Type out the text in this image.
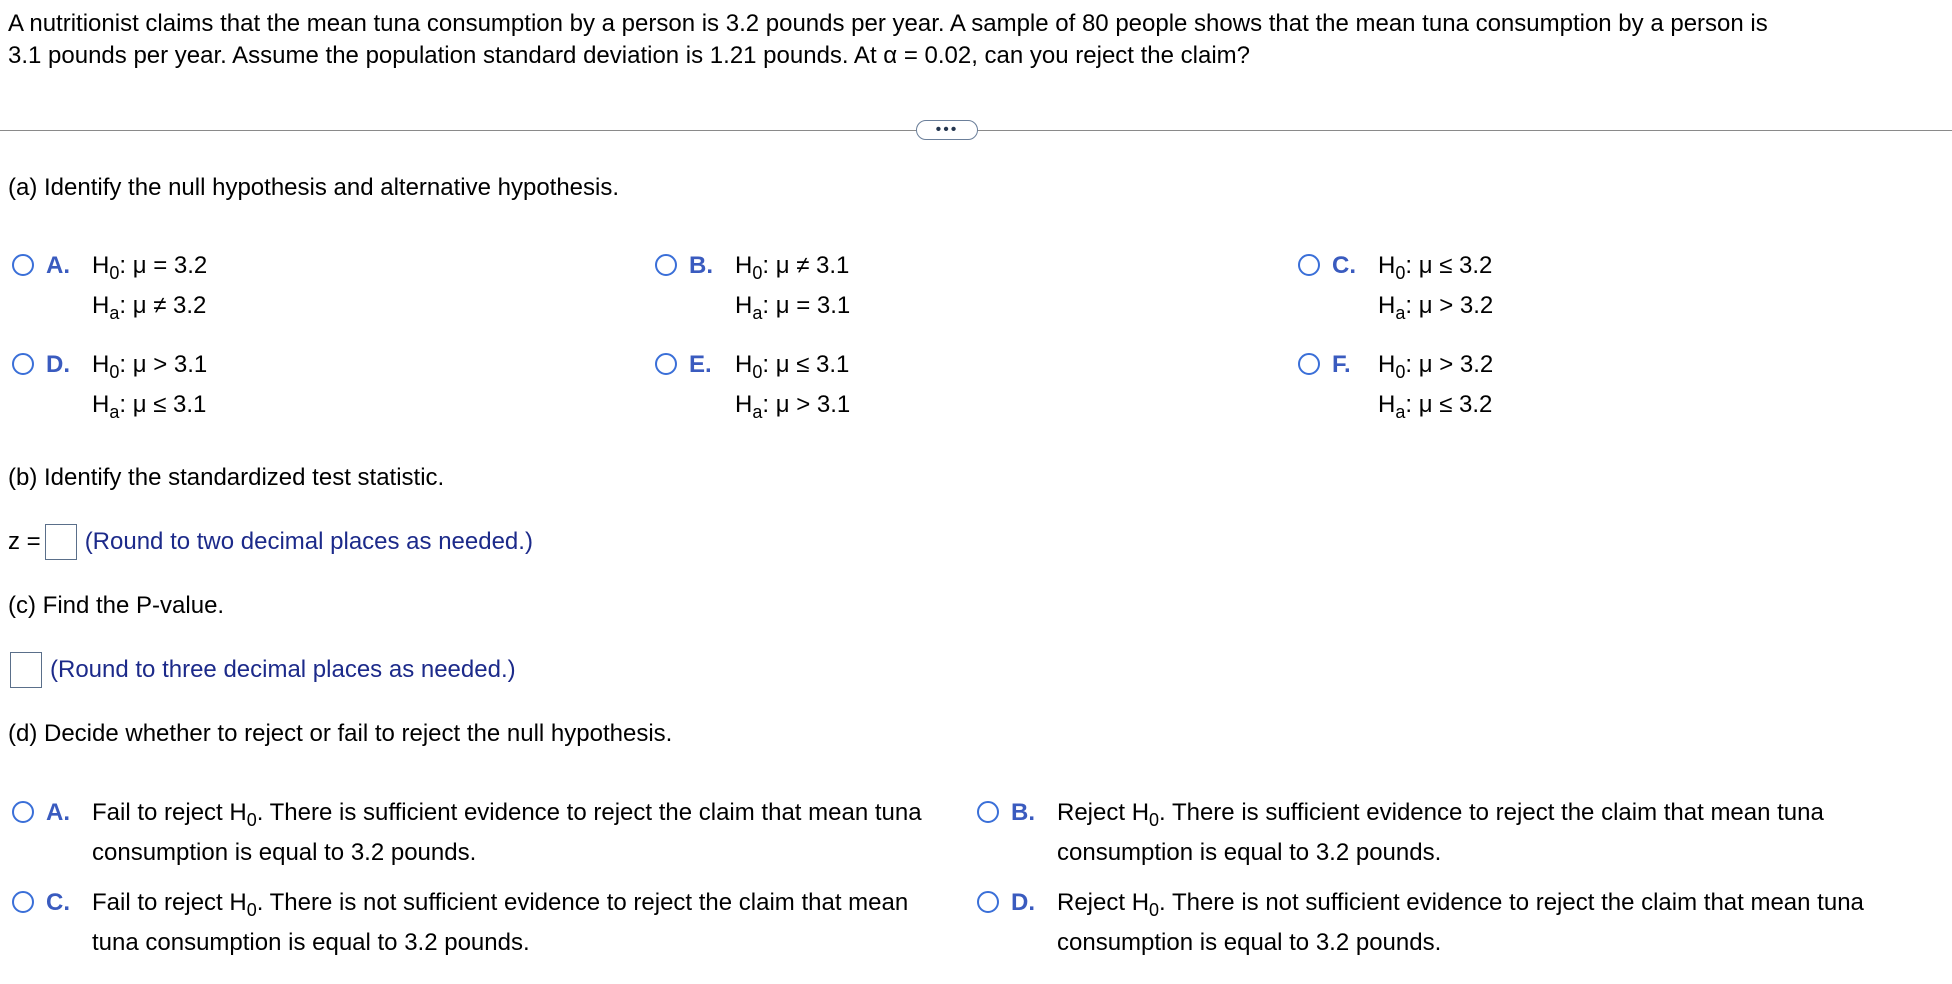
A nutritionist claims that the mean tuna consumption by a person is 3.2 pounds per year. A sample of 80 people shows that the mean tuna consumption by a person is
3.1 pounds per year. Assume the population standard deviation is 1.21 pounds. At α = 0.02, can you reject the claim?
•••
(a) Identify the null hypothesis and alternative hypothesis.
A. $H_0$: μ = 3.2
$H_a$: μ ≠ 3.2
B. $H_0$: μ ≠ 3.1
$H_a$: μ = 3.1
C. $H_0$: μ ≤ 3.2
$H_a$: μ > 3.2
D. $H_0$: μ > 3.1
$H_a$: μ ≤ 3.1
E. $H_0$: μ ≤ 3.1
$H_a$: μ > 3.1
F.	$H_0$: μ > 3.2
$H_a$: μ ≤ 3.2
(b) Identify the standardized test statistic.
z = (Round to two decimal places as needed.)
(c) Find the P-value.
(Round to three decimal places as needed.)
(d) Decide whether to reject or fail to reject the null hypothesis.
A. Fail to reject $H_0$. There is sufficient evidence to reject the claim that mean tuna consumption is equal to 3.2 pounds.
B. Reject $H_0$. There is sufficient evidence to reject the claim that mean tuna consumption is equal to 3.2 pounds.
C. Fail to reject $H_0$. There is not sufficient evidence to reject the claim that mean tuna consumption is equal to 3.2 pounds.
D. Reject $H_0$. There is not sufficient evidence to reject the claim that mean tuna consumption is equal to 3.2 pounds.
